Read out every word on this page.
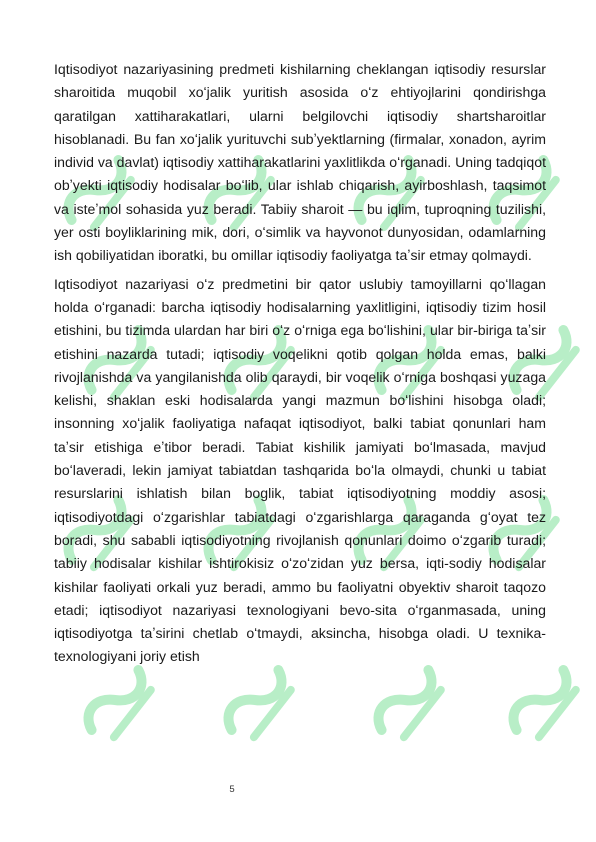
Iqtisodiyot nazariyasining predmeti kishilarning cheklangan iqtisodiy resurslar sharoitida muqobil xoʻjalik yuritish asosida oʻz ehtiyojlarini qondirishga qaratilgan xattiharakatlari, ularni belgilovchi iqtisodiy shartsharoitlar hisoblanadi. Bu fan xoʻjalik yurituvchi subʼyektlarning (firmalar, xonadon, ayrim individ va davlat) iqtisodiy xattiharakatlarini yaxlitlikda oʻrganadi. Uning tadqiqot obʼyekti iqtisodiy hodisalar boʻlib, ular ishlab chiqarish, ayirboshlash, taqsimot va isteʼmol sohasida yuz beradi. Tabiiy sharoit — bu iqlim, tuproqning tuzilishi, yer osti boyliklarining mik, dori, oʻsimlik va hayvonot dunyosidan, odamlarning ish qobiliyatidan iboratki, bu omillar iqtisodiy faoliyatga taʼsir etmay qolmaydi.

Iqtisodiyot nazariyasi oʻz predmetini bir qator uslubiy tamoyillarni qoʻllagan holda oʻrganadi: barcha iqtisodiy hodisalarning yaxlitligini, iqtisodiy tizim hosil etishini, bu tizimda ulardan har biri oʻz oʻrniga ega boʻlishini, ular bir-biriga taʼsir etishini nazarda tutadi; iqtisodiy voqelikni qotib qolgan holda emas, balki rivojlanishda va yangilanishda olib qaraydi, bir voqelik oʻrniga boshqasi yuzaga kelishi, shaklan eski hodisalarda yangi mazmun boʻlishini hisobga oladi; insonning xoʻjalik faoliyatiga nafaqat iqtisodiyot, balki tabiat qonunlari ham taʼsir etishiga eʼtibor beradi. Tabiat kishilik jamiyati boʻlmasada, mavjud boʻlaveradi, lekin jamiyat tabiatdan tashqarida boʻla olmaydi, chunki u tabiat resurslarini ishlatish bilan boglik, tabiat iqtisodiyotning moddiy asosi; iqtisodiyotdagi oʻzgarishlar tabiatdagi oʻzgarishlarga qaraganda gʻoyat tez boradi, shu sababli iqtisodiyotning rivojlanish qonunlari doimo oʻzgarib turadi; tabiiy hodisalar kishilar ishtirokisiz oʻzoʻzidan yuz bersa, iqti-sodiy hodisalar kishilar faoliyati orkali yuz beradi, ammo bu faoliyatni obyektiv sharoit taqozo etadi; iqtisodiyot nazariyasi texnologiyani bevo-sita oʻrganmasada, uning iqtisodiyotga taʼsirini chetlab oʻtmaydi, aksincha, hisobga oladi. U texnika-texnologiyani joriy etish

5
